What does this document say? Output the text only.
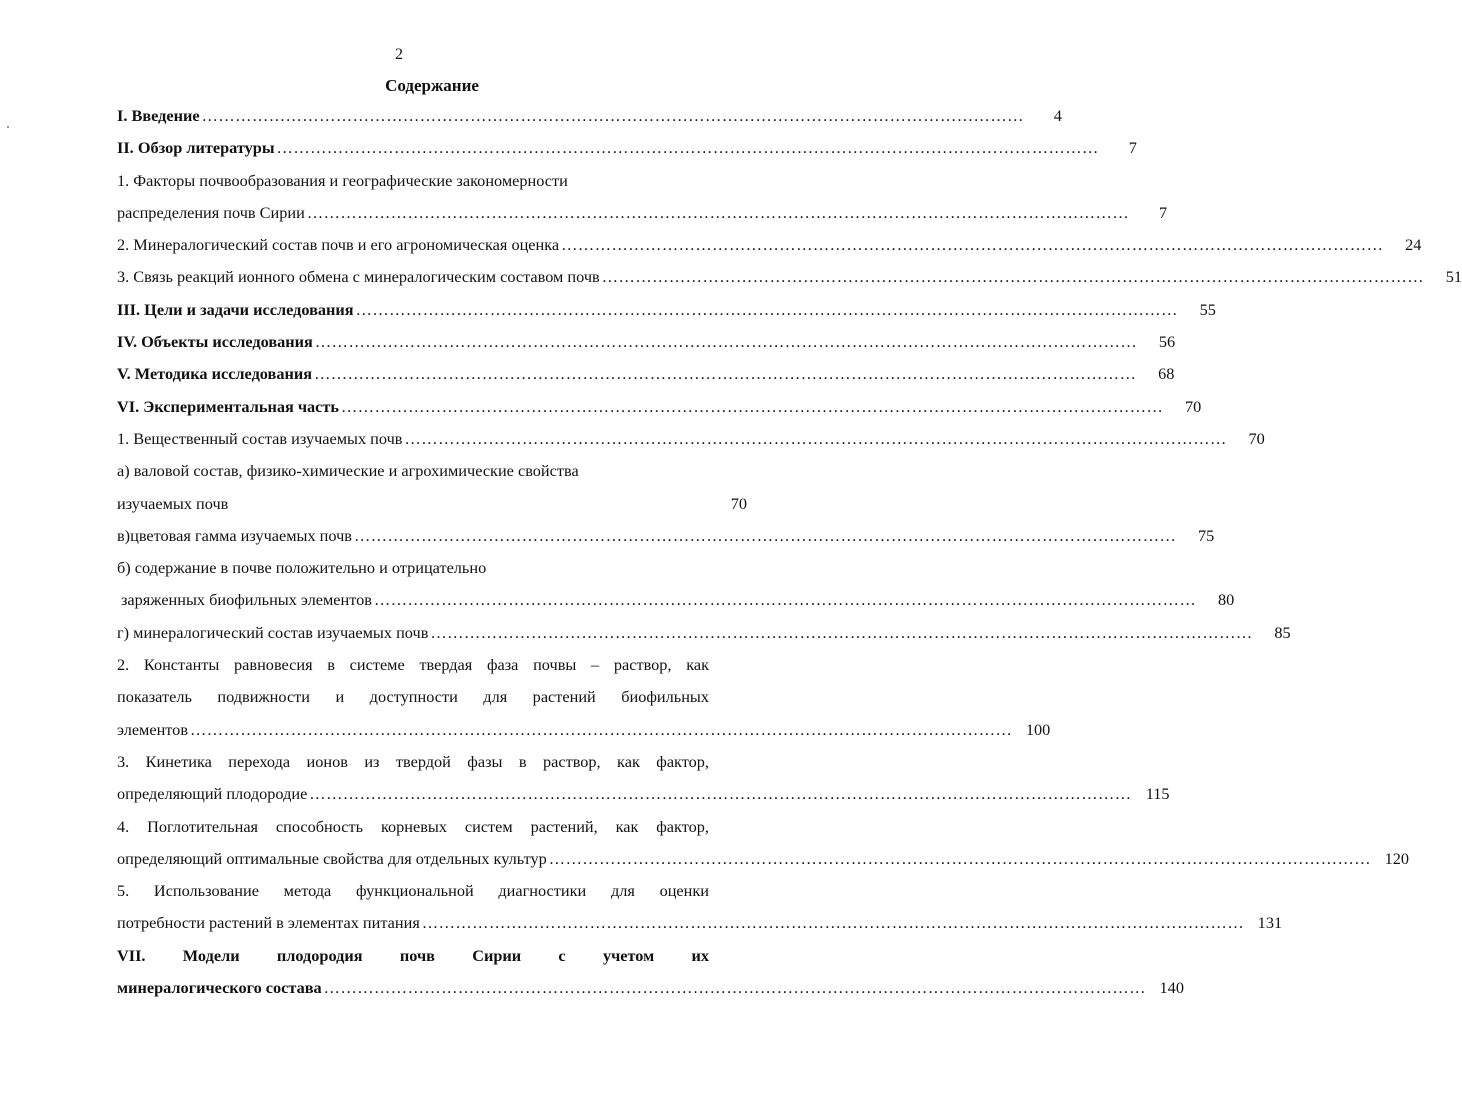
2
Содержание
I. Введение …………………………………………………………………………………………………………………………………	4
II. Обзор литературы …………………………………………………………………………………………………………………………………	7
1. Факторы почвообразования и географические закономерности
распределения почв Сирии …………………………………………………………………………………………………………………………………	7
2. Минералогический состав почв и его агрономическая оценка …………………………………………………………………………………………………………………………………	24
3. Связь реакций ионного обмена с минералогическим составом почв …………………………………………………………………………………………………………………………………	51
III. Цели и задачи исследования …………………………………………………………………………………………………………………………………	55
IV. Объекты исследования …………………………………………………………………………………………………………………………………	56
V. Методика исследования …………………………………………………………………………………………………………………………………	68
VI. Экспериментальная часть …………………………………………………………………………………………………………………………………	70
1. Вещественный состав изучаемых почв …………………………………………………………………………………………………………………………………	70
а) валовой состав, физико-химические и агрохимические свойства
изучаемых почв	70
в)цветовая гамма изучаемых почв …………………………………………………………………………………………………………………………………	75
б) содержание в почве положительно и отрицательно
заряженных биофильных элементов …………………………………………………………………………………………………………………………………	80
г) минералогический состав изучаемых почв …………………………………………………………………………………………………………………………………	85
2. Константы равновесия в системе твердая фаза почвы – раствор, как
показатель подвижности и доступности для растений биофильных
элементов …………………………………………………………………………………………………………………………………	100
3. Кинетика перехода ионов из твердой фазы в раствор, как фактор,
определяющий плодородие …………………………………………………………………………………………………………………………………	115
4. Поглотительная способность корневых систем растений, как фактор,
определяющий оптимальные свойства для отдельных культур …………………………………………………………………………………………………………………………………	120
5. Использование метода функциональной диагностики для оценки
потребности растений в элементах питания …………………………………………………………………………………………………………………………………	131
VII. Модели плодородия почв Сирии с учетом их
минералогического состава …………………………………………………………………………………………………………………………………	140
